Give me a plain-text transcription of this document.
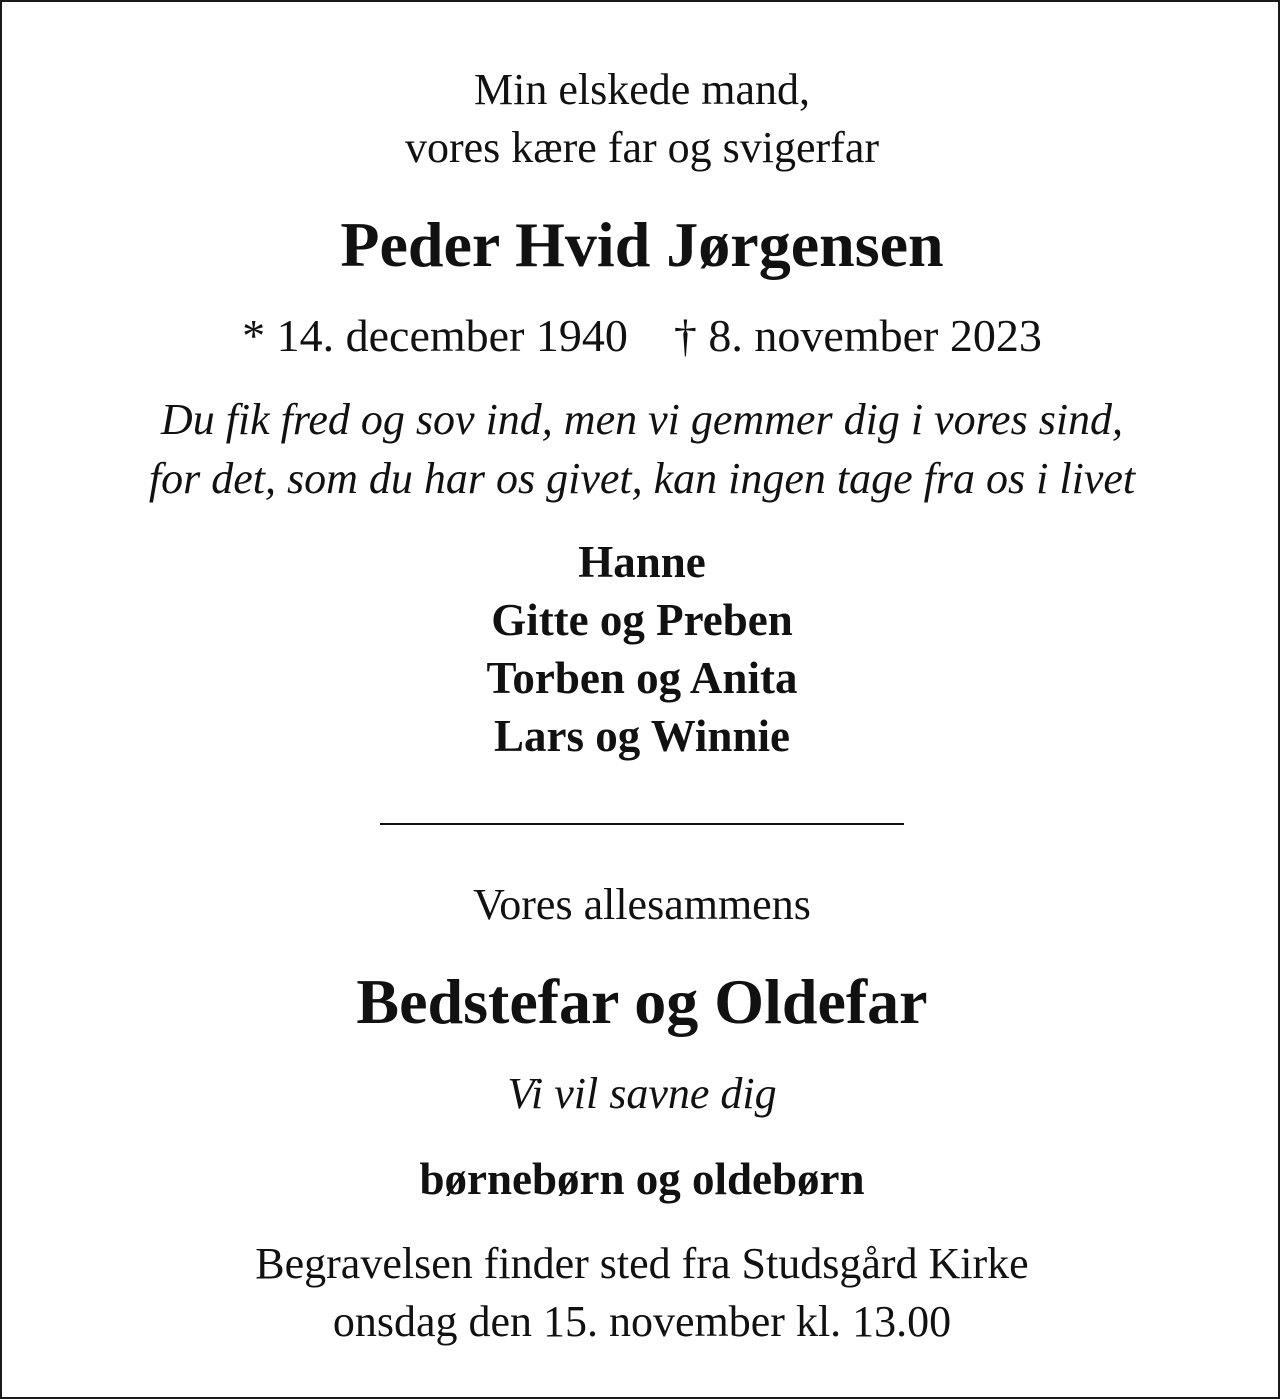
Min elskede mand,
vores kære far og svigerfar
Peder Hvid Jørgensen
* 14. december 1940 † 8. november 2023
Du fik fred og sov ind, men vi gemmer dig i vores sind,
for det, som du har os givet, kan ingen tage fra os i livet
Hanne
Gitte og Preben
Torben og Anita
Lars og Winnie
Vores allesammens
Bedstefar og Oldefar
Vi vil savne dig
børnebørn og oldebørn
Begravelsen finder sted fra Studsgård Kirke
onsdag den 15. november kl. 13.00
